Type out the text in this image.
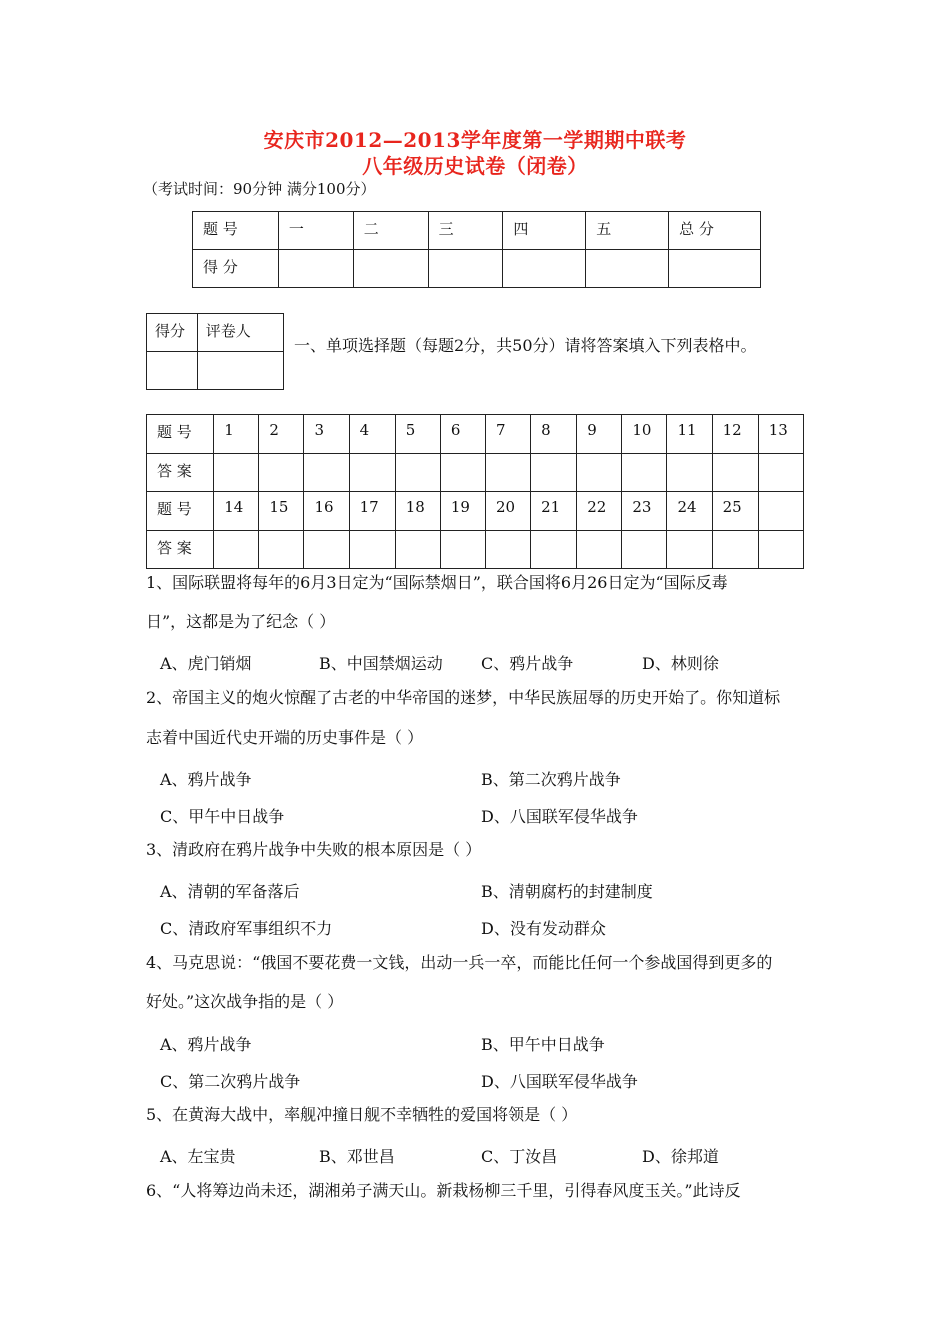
安庆市2012—2013学年度第一学期期中联考
八年级历史试卷（闭卷）
（考试时间：90分钟 满分100分）
题 号	一	二	三	四	五	总 分
得 分						
得分	评卷人

一、单项选择题（每题2分，共50分）请将答案填入下列表格中。
题 号	1	2	3	4	5	6	7	8	9	10	11	12	13
答 案													
题 号	14	15	16	17	18	19	20	21	22	23	24	25	
答 案													
1、国际联盟将每年的6月3日定为“国际禁烟日”，联合国将6月26日定为“国际反毒
日”，这都是为了纪念（ ）
A、虎门销烟	B、中国禁烟运动 C、鸦片战争	D、林则徐
2、帝国主义的炮火惊醒了古老的中华帝国的迷梦，中华民族屈辱的历史开始了。你知道标
志着中国近代史开端的历史事件是（ ）
A、鸦片战争	B、第二次鸦片战争
C、甲午中日战争	D、八国联军侵华战争
3、清政府在鸦片战争中失败的根本原因是（ ）
A、清朝的军备落后	B、清朝腐朽的封建制度
C、清政府军事组织不力	D、没有发动群众
4、马克思说：“俄国不要花费一文钱，出动一兵一卒，而能比任何一个参战国得到更多的
好处。”这次战争指的是（ ）
A、鸦片战争	B、甲午中日战争
C、第二次鸦片战争	D、八国联军侵华战争
5、在黄海大战中，率舰冲撞日舰不幸牺牲的爱国将领是（ ）
A、左宝贵	B、邓世昌	C、丁汝昌	D、徐邦道
6、“人将筹边尚未还，湖湘弟子满天山。新栽杨柳三千里，引得春风度玉关。”此诗反
